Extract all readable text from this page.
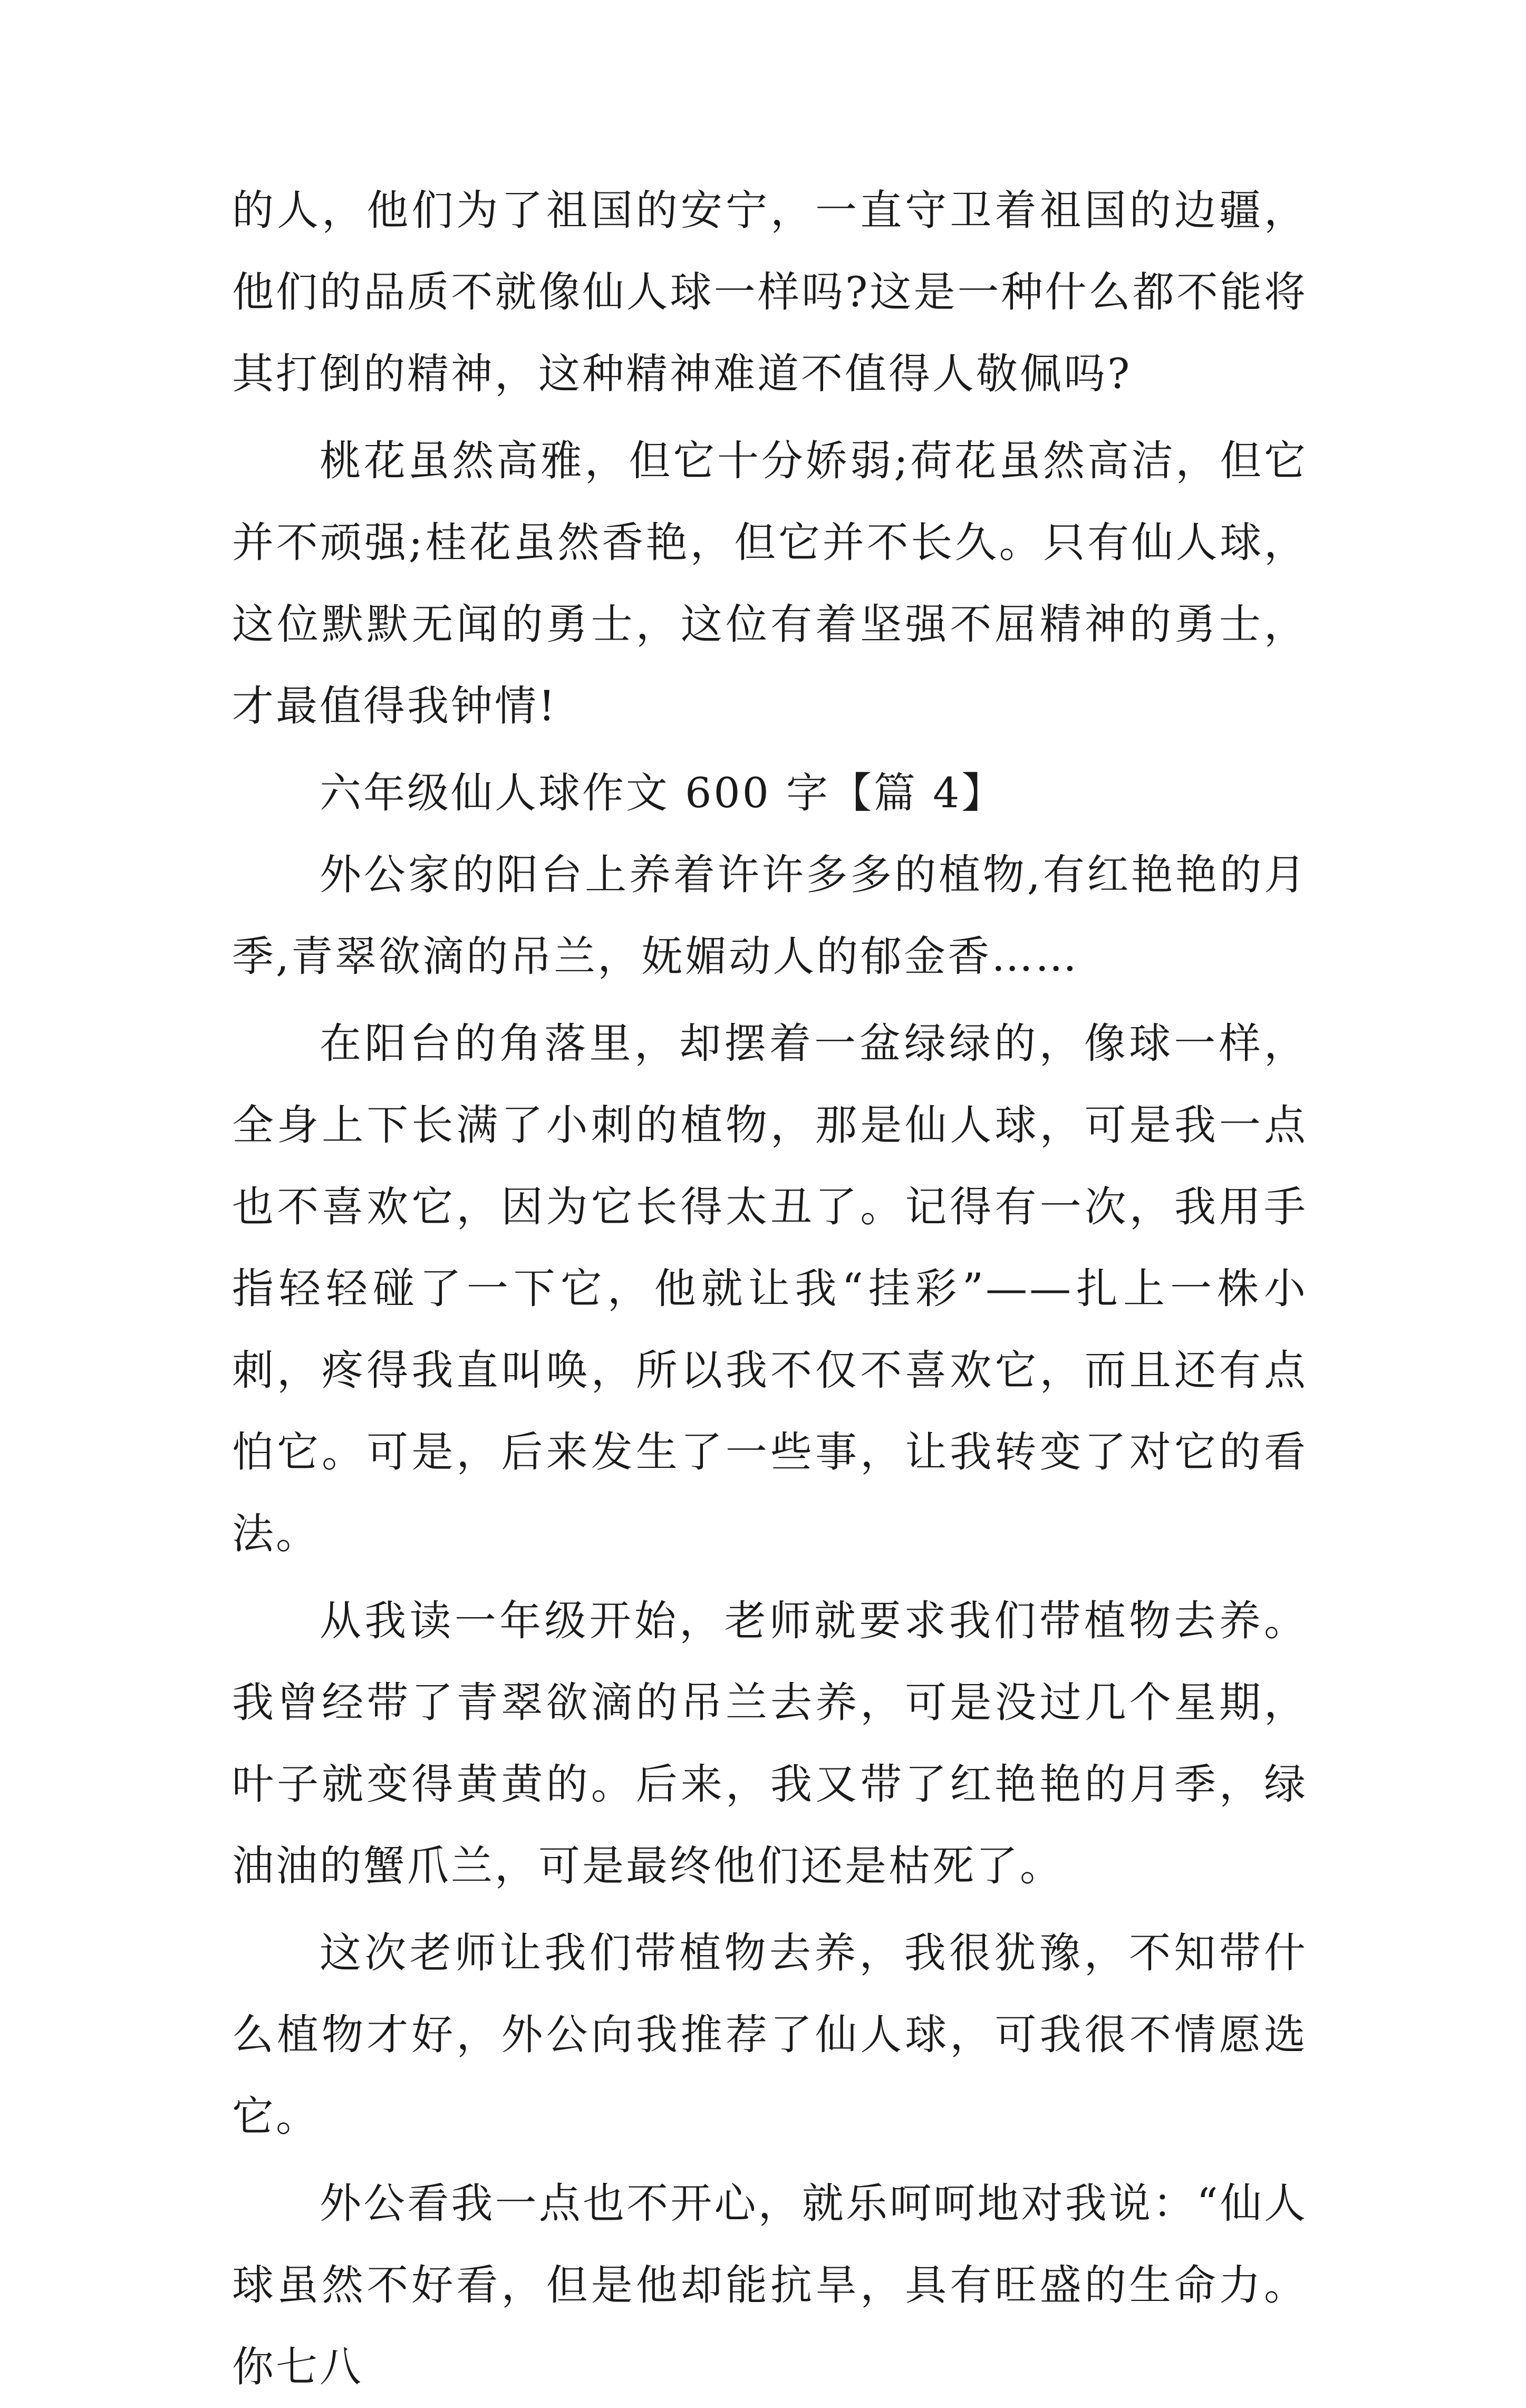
的人，他们为了祖国的安宁，一直守卫着祖国的边疆，他们的品质不就像仙人球一样吗?这是一种什么都不能将其打倒的精神，这种精神难道不值得人敬佩吗?

桃花虽然高雅，但它十分娇弱;荷花虽然高洁，但它并不顽强;桂花虽然香艳，但它并不长久。只有仙人球，这位默默无闻的勇士，这位有着坚强不屈精神的勇士，才最值得我钟情!

六年级仙人球作文 600 字【篇 4】

外公家的阳台上养着许许多多的植物,有红艳艳的月季,青翠欲滴的吊兰，妩媚动人的郁金香……

在阳台的角落里，却摆着一盆绿绿的，像球一样，全身上下长满了小刺的植物，那是仙人球，可是我一点也不喜欢它，因为它长得太丑了。记得有一次，我用手指轻轻碰了一下它，他就让我“挂彩”——扎上一株小刺，疼得我直叫唤，所以我不仅不喜欢它，而且还有点怕它。可是，后来发生了一些事，让我转变了对它的看法。

从我读一年级开始，老师就要求我们带植物去养。我曾经带了青翠欲滴的吊兰去养，可是没过几个星期，叶子就变得黄黄的。后来，我又带了红艳艳的月季，绿油油的蟹爪兰，可是最终他们还是枯死了。

这次老师让我们带植物去养，我很犹豫，不知带什么植物才好，外公向我推荐了仙人球，可我很不情愿选它。

外公看我一点也不开心，就乐呵呵地对我说：“仙人球虽然不好看，但是他却能抗旱，具有旺盛的生命力。你七八
